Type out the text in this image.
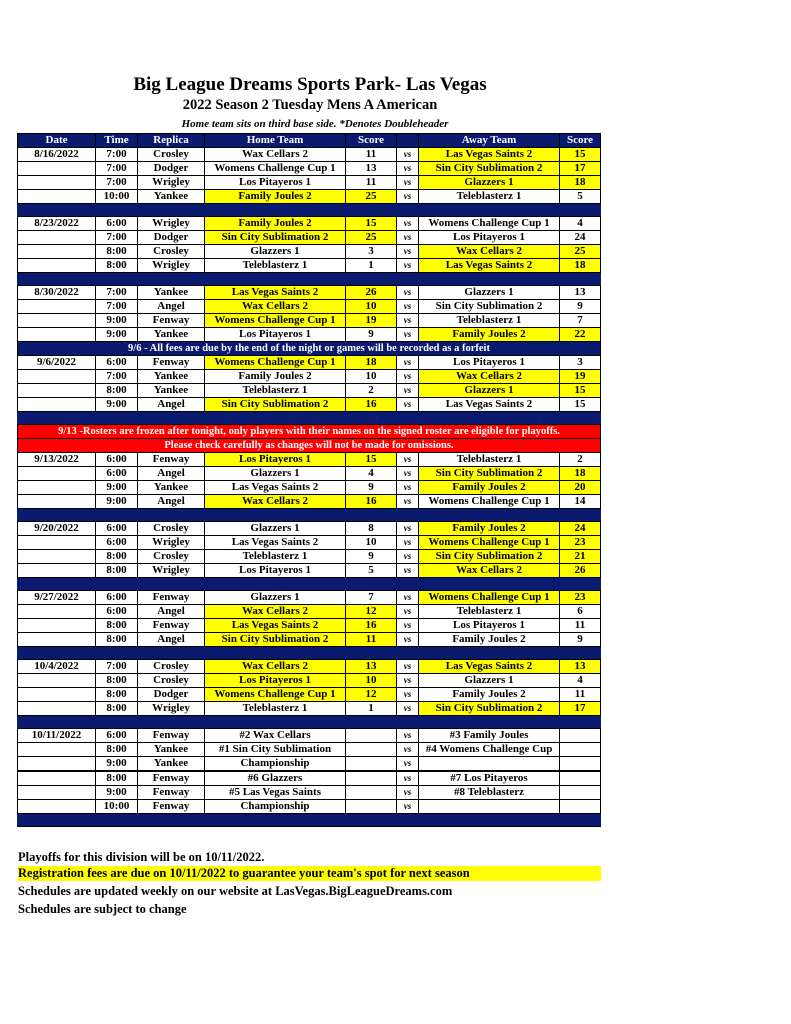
Big League Dreams Sports Park- Las Vegas
2022 Season 2 Tuesday Mens A American
Home team sits on third base side. *Denotes Doubleheader
Date	Time	Replica	Home Team	Score		Away Team	Score
8/16/2022	7:00	Crosley	Wax Cellars 2	11	vs	Las Vegas Saints 2	15
	7:00	Dodger	Womens Challenge Cup 1	13	vs	Sin City Sublimation 2	17
	7:00	Wrigley	Los Pitayeros 1	11	vs	Glazzers 1	18
	10:00	Yankee	Family Joules 2	25	vs	Teleblasterz 1	5

8/23/2022	6:00	Wrigley	Family Joules 2	15	vs	Womens Challenge Cup 1	4
	7:00	Dodger	Sin City Sublimation 2	25	vs	Los Pitayeros 1	24
	8:00	Crosley	Glazzers 1	3	vs	Wax Cellars 2	25
	8:00	Wrigley	Teleblasterz 1	1	vs	Las Vegas Saints 2	18

8/30/2022	7:00	Yankee	Las Vegas Saints 2	26	vs	Glazzers 1	13
	7:00	Angel	Wax Cellars 2	10	vs	Sin City Sublimation 2	9
	9:00	Fenway	Womens Challenge Cup 1	19	vs	Teleblasterz 1	7
	9:00	Yankee	Los Pitayeros 1	9	vs	Family Joules 2	22
9/6 - All fees are due by the end of the night or games will be recorded as a forfeit							
9/6/2022	6:00	Fenway	Womens Challenge Cup 1	18	vs	Los Pitayeros 1	3
	7:00	Yankee	Family Joules 2	10	vs	Wax Cellars 2	19
	8:00	Yankee	Teleblasterz 1	2	vs	Glazzers 1	15
	9:00	Angel	Sin City Sublimation 2	16	vs	Las Vegas Saints 2	15

9/13 -Rosters are frozen after tonight, only players with their names on the signed roster are eligible for playoffs.							
Please check carefully as changes will not be made for omissions.							
9/13/2022	6:00	Fenway	Los Pitayeros 1	15	vs	Teleblasterz 1	2
	6:00	Angel	Glazzers 1	4	vs	Sin City Sublimation 2	18
	9:00	Yankee	Las Vegas Saints 2	9	vs	Family Joules 2	20
	9:00	Angel	Wax Cellars 2	16	vs	Womens Challenge Cup 1	14

9/20/2022	6:00	Crosley	Glazzers 1	8	vs	Family Joules 2	24
	6:00	Wrigley	Las Vegas Saints 2	10	vs	Womens Challenge Cup 1	23
	8:00	Crosley	Teleblasterz 1	9	vs	Sin City Sublimation 2	21
	8:00	Wrigley	Los Pitayeros 1	5	vs	Wax Cellars 2	26

9/27/2022	6:00	Fenway	Glazzers 1	7	vs	Womens Challenge Cup 1	23
	6:00	Angel	Wax Cellars 2	12	vs	Teleblasterz 1	6
	8:00	Fenway	Las Vegas Saints 2	16	vs	Los Pitayeros 1	11
	8:00	Angel	Sin City Sublimation 2	11	vs	Family Joules 2	9

10/4/2022	7:00	Crosley	Wax Cellars 2	13	vs	Las Vegas Saints 2	13
	8:00	Crosley	Los Pitayeros 1	10	vs	Glazzers 1	4
	8:00	Dodger	Womens Challenge Cup 1	12	vs	Family Joules 2	11
	8:00	Wrigley	Teleblasterz 1	1	vs	Sin City Sublimation 2	17

10/11/2022	6:00	Fenway	#2 Wax Cellars		vs	#3 Family Joules	
	8:00	Yankee	#1 Sin City Sublimation		vs	#4 Womens Challenge Cup	
	9:00	Yankee	Championship		vs		
	8:00	Fenway	#6 Glazzers		vs	#7 Los Pitayeros	
	9:00	Fenway	#5 Las Vegas Saints		vs	#8 Teleblasterz	
	10:00	Fenway	Championship		vs		

Playoffs for this division will be on 10/11/2022.
Registration fees are due on 10/11/2022 to guarantee your team's spot for next season
Schedules are updated weekly on our website at LasVegas.BigLeagueDreams.com
Schedules are subject to change
